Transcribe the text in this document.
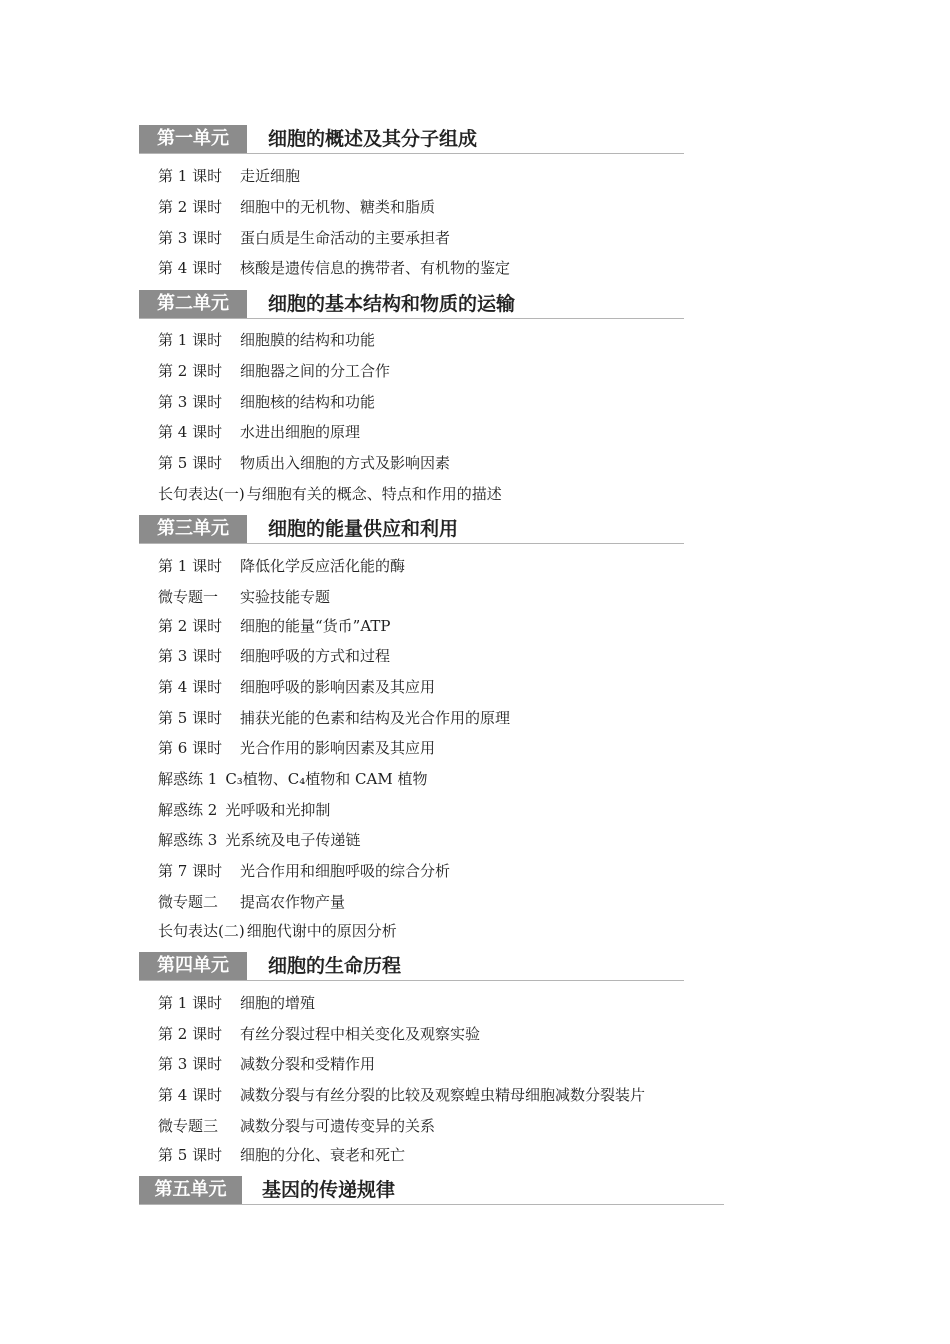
第一单元	细胞的概述及其分子组成
第 1 课时 走近细胞
第 2 课时 细胞中的无机物、糖类和脂质
第 3 课时 蛋白质是生命活动的主要承担者
第 4 课时 核酸是遗传信息的携带者、有机物的鉴定
第二单元	细胞的基本结构和物质的运输
第 1 课时 细胞膜的结构和功能
第 2 课时 细胞器之间的分工合作
第 3 课时 细胞核的结构和功能
第 4 课时 水进出细胞的原理
第 5 课时 物质出入细胞的方式及影响因素
长句表达(一) 与细胞有关的概念、特点和作用的描述
第三单元	细胞的能量供应和利用
第 1 课时 降低化学反应活化能的酶
微专题一 实验技能专题
第 2 课时 细胞的能量“货币”ATP
第 3 课时 细胞呼吸的方式和过程
第 4 课时 细胞呼吸的影响因素及其应用
第 5 课时 捕获光能的色素和结构及光合作用的原理
第 6 课时 光合作用的影响因素及其应用
解惑练 1 C₃植物、C₄植物和 CAM 植物
解惑练 2 光呼吸和光抑制
解惑练 3 光系统及电子传递链
第 7 课时 光合作用和细胞呼吸的综合分析
微专题二 提高农作物产量
长句表达(二) 细胞代谢中的原因分析
第四单元	细胞的生命历程
第 1 课时 细胞的增殖
第 2 课时 有丝分裂过程中相关变化及观察实验
第 3 课时 减数分裂和受精作用
第 4 课时 减数分裂与有丝分裂的比较及观察蝗虫精母细胞减数分裂装片
微专题三 减数分裂与可遗传变异的关系
第 5 课时 细胞的分化、衰老和死亡
第五单元	基因的传递规律
